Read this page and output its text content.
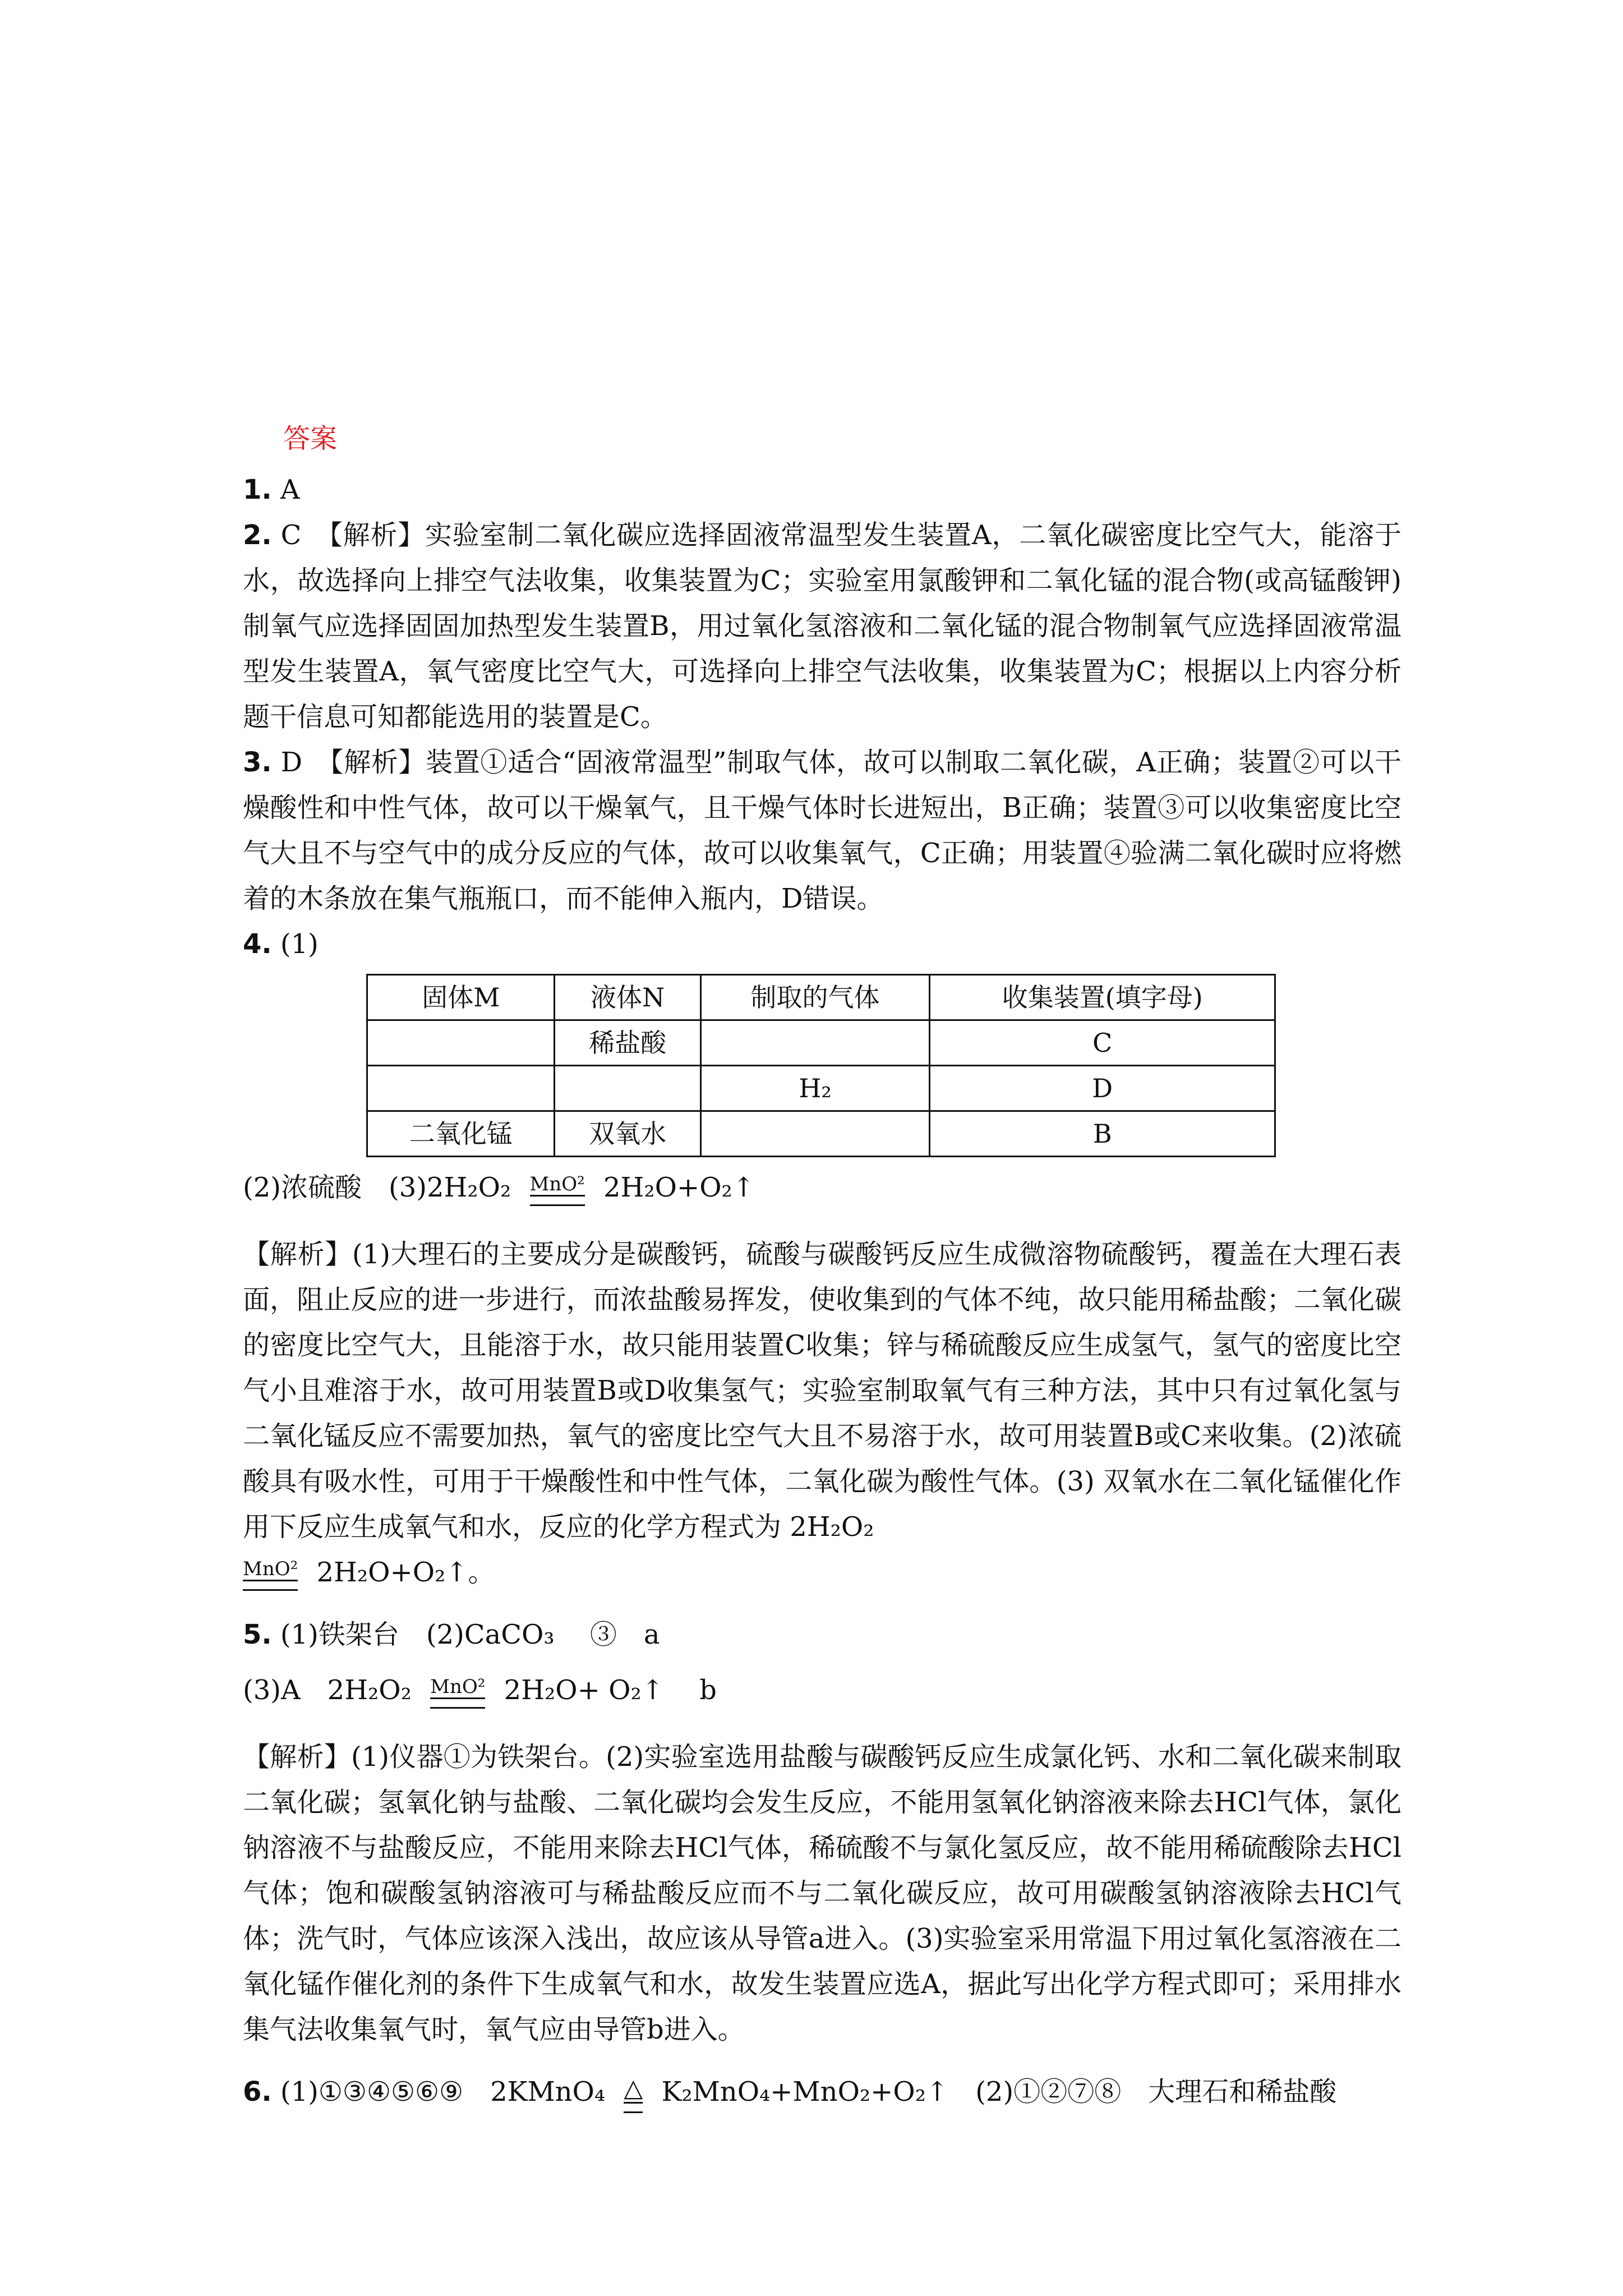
答案
1. A

2. C　【解析】实验室制二氧化碳应选择固液常温型发生装置A，二氧化碳密度比空气大，能溶于水，故选择向上排空气法收集，收集装置为C；实验室用氯酸钾和二氧化锰的混合物(或高锰酸钾)制氧气应选择固固加热型发生装置B，用过氧化氢溶液和二氧化锰的混合物制氧气应选择固液常温型发生装置A，氧气密度比空气大，可选择向上排空气法收集，收集装置为C；根据以上内容分析题干信息可知都能选用的装置是C。

3. D　【解析】装置①适合“固液常温型”制取气体，故可以制取二氧化碳，A正确；装置②可以干燥酸性和中性气体，故可以干燥氧气，且干燥气体时长进短出，B正确；装置③可以收集密度比空气大且不与空气中的成分反应的气体，故可以收集氧气，C正确；用装置④验满二氧化碳时应将燃着的木条放在集气瓶瓶口，而不能伸入瓶内，D错误。

4. (1)
固体M	液体N	制取的气体	收集装置(填字母)
	稀盐酸		C
		H₂	D
二氧化锰	双氧水		B
(2)浓硫酸　(3)2H₂O₂ MnO² 2H₂O+O₂↑

【解析】(1)大理石的主要成分是碳酸钙，硫酸与碳酸钙反应生成微溶物硫酸钙，覆盖在大理石表面，阻止反应的进一步进行，而浓盐酸易挥发，使收集到的气体不纯，故只能用稀盐酸；二氧化碳的密度比空气大，且能溶于水，故只能用装置C收集；锌与稀硫酸反应生成氢气，氢气的密度比空气小且难溶于水，故可用装置B或D收集氢气；实验室制取氧气有三种方法，其中只有过氧化氢与二氧化锰反应不需要加热，氧气的密度比空气大且不易溶于水，故可用装置B或C来收集。(2)浓硫酸具有吸水性，可用于干燥酸性和中性气体，二氧化碳为酸性气体。(3) 双氧水在二氧化锰催化作用下反应生成氧气和水，反应的化学方程式为 2H₂O₂

MnO² 2H₂O+O₂↑。
5. (1)铁架台　(2)CaCO₃　 ③　a
(3)A　2H₂O₂ MnO² 2H₂O+ O₂↑　 b

【解析】(1)仪器①为铁架台。(2)实验室选用盐酸与碳酸钙反应生成氯化钙、水和二氧化碳来制取二氧化碳；氢氧化钠与盐酸、二氧化碳均会发生反应，不能用氢氧化钠溶液来除去HCl气体，氯化钠溶液不与盐酸反应，不能用来除去HCl气体，稀硫酸不与氯化氢反应，故不能用稀硫酸除去HCl气体；饱和碳酸氢钠溶液可与稀盐酸反应而不与二氧化碳反应，故可用碳酸氢钠溶液除去HCl气体；洗气时，气体应该深入浅出，故应该从导管a进入。(3)实验室采用常温下用过氧化氢溶液在二氧化锰作催化剂的条件下生成氧气和水，故发生装置应选A，据此写出化学方程式即可；采用排水集气法收集氧气时，氧气应由导管b进入。

6. (1)①③④⑤⑥⑨　2KMnO₄ △ K₂MnO₄+MnO₂+O₂↑　(2)①②⑦⑧　大理石和稀盐酸
